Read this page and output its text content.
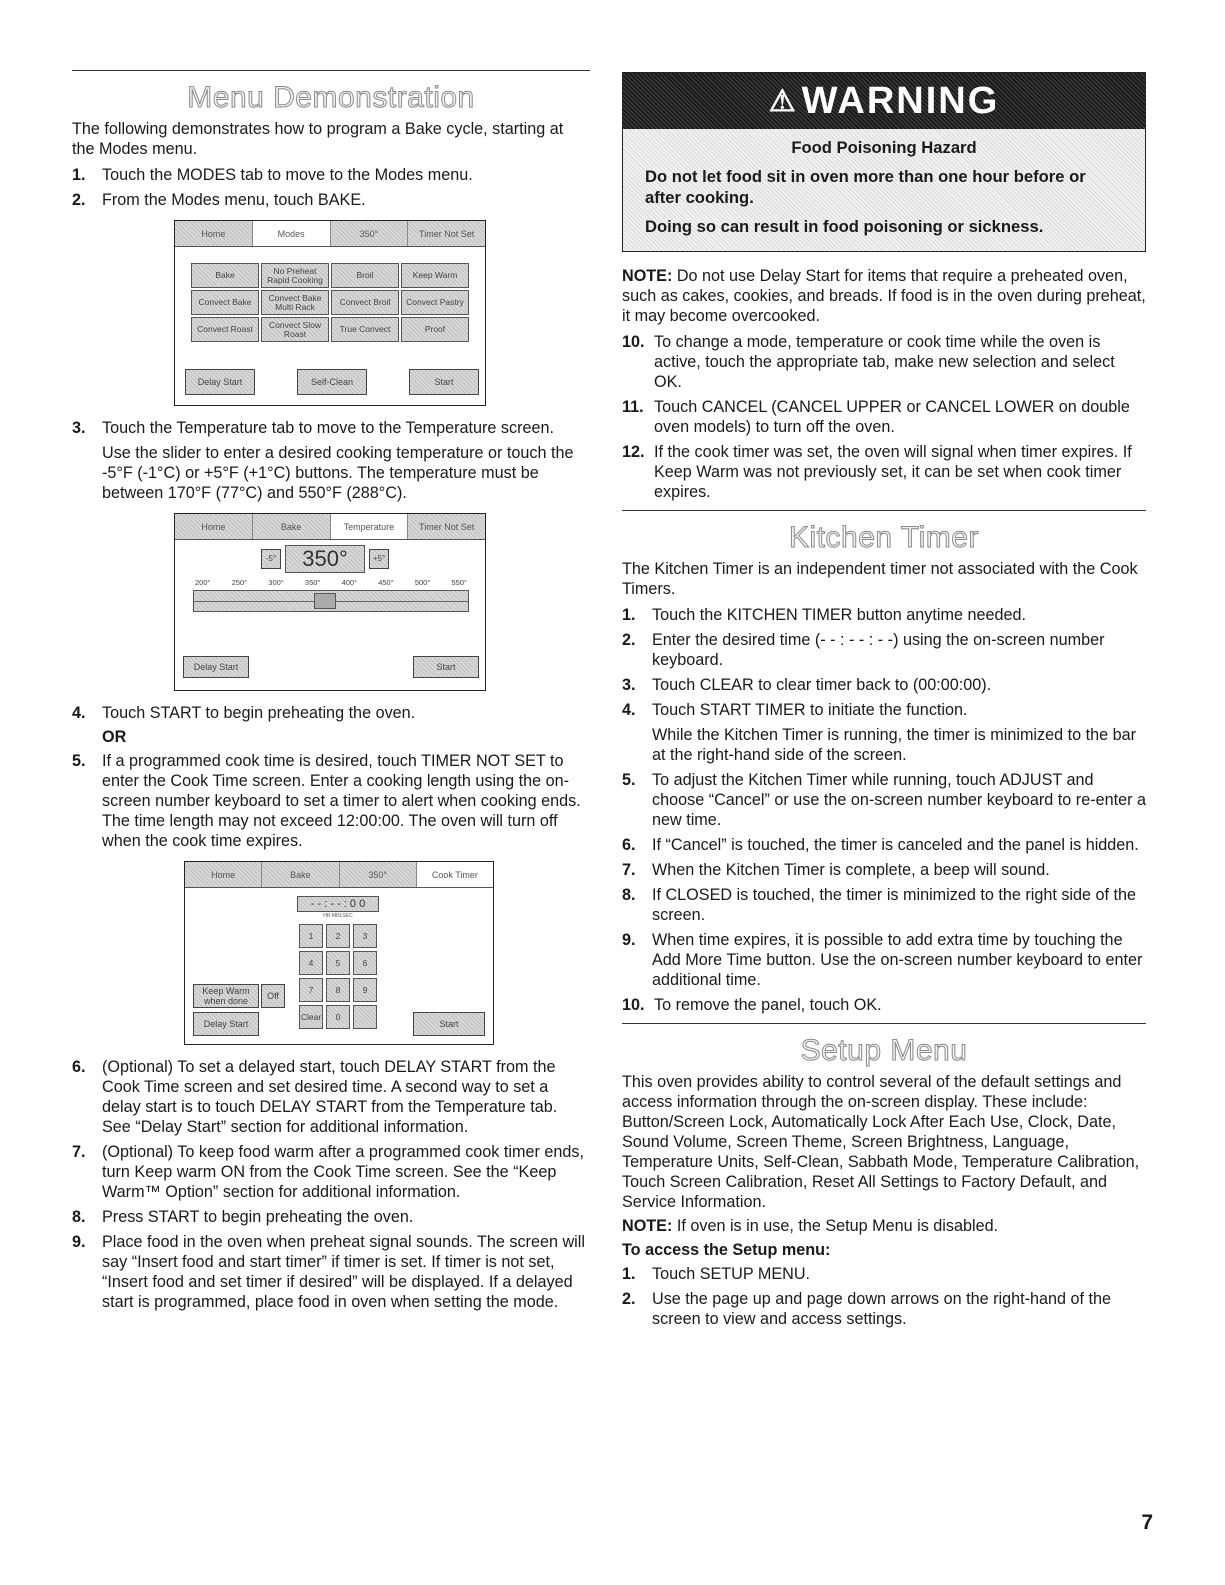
Menu Demonstration

The following demonstrates how to program a Bake cycle, starting at the Modes menu.

1. Touch the MODES tab to move to the Modes menu.
2. From the Modes menu, touch BAKE.
Home	Modes	350°	Timer Not Set
Bake	No Preheat Rapid Cooking	Broil	Keep Warm
Convect Bake	Convect Bake Multi Rack	Convect Broil	Convect Pastry
Convect Roast	Convect Slow Roast	True Convect	Proof
Delay Start	Self-Clean	Start
3. Touch the Temperature tab to move to the Temperature screen.
Use the slider to enter a desired cooking temperature or touch the -5°F (-1°C) or +5°F (+1°C) buttons. The temperature must be between 170°F (77°C) and 550°F (288°C).
Home	Bake	Temperature	Timer Not Set
-5°	350°	+5°
200°	250°	300°	350°	400°	450°	500°	550°
Delay Start	Start
4. Touch START to begin preheating the oven.
OR
5. If a programmed cook time is desired, touch TIMER NOT SET to enter the Cook Time screen. Enter a cooking length using the on-screen number keyboard to set a timer to alert when cooking ends. The time length may not exceed 12:00:00. The oven will turn off when the cook time expires.
Home	Bake	350°	Cook Timer
- - : - - : 0 0
HR:MIN:SEC
1	2	3
4	5	6
7	8	9
Clear	0
Keep Warm when done	Off
Delay Start	Start
6. (Optional) To set a delayed start, touch DELAY START from the Cook Time screen and set desired time. A second way to set a delay start is to touch DELAY START from the Temperature tab. See “Delay Start” section for additional information.
7. (Optional) To keep food warm after a programmed cook timer ends, turn Keep warm ON from the Cook Time screen. See the “Keep Warm™ Option” section for additional information.
8. Press START to begin preheating the oven.
9. Place food in the oven when preheat signal sounds. The screen will say “Insert food and start timer” if timer is set. If timer is not set, “Insert food and set timer if desired” will be displayed. If a delayed start is programmed, place food in oven when setting the mode.
⚠ WARNING
Food Poisoning Hazard

Do not let food sit in oven more than one hour before or after cooking.

Doing so can result in food poisoning or sickness.

NOTE: Do not use Delay Start for items that require a preheated oven, such as cakes, cookies, and breads. If food is in the oven during preheat, it may become overcooked.

10. To change a mode, temperature or cook time while the oven is active, touch the appropriate tab, make new selection and select OK.
11. Touch CANCEL (CANCEL UPPER or CANCEL LOWER on double oven models) to turn off the oven.
12. If the cook timer was set, the oven will signal when timer expires. If Keep Warm was not previously set, it can be set when cook timer expires.
Kitchen Timer

The Kitchen Timer is an independent timer not associated with the Cook Timers.

1. Touch the KITCHEN TIMER button anytime needed.
2. Enter the desired time (- - : - - : - -) using the on-screen number keyboard.
3. Touch CLEAR to clear timer back to (00:00:00).
4. Touch START TIMER to initiate the function.
While the Kitchen Timer is running, the timer is minimized to the bar at the right-hand side of the screen.
5. To adjust the Kitchen Timer while running, touch ADJUST and choose “Cancel” or use the on-screen number keyboard to re-enter a new time.
6. If “Cancel” is touched, the timer is canceled and the panel is hidden.
7. When the Kitchen Timer is complete, a beep will sound.
8. If CLOSED is touched, the timer is minimized to the right side of the screen.
9. When time expires, it is possible to add extra time by touching the Add More Time button. Use the on-screen number keyboard to enter additional time.
10. To remove the panel, touch OK.
Setup Menu

This oven provides ability to control several of the default settings and access information through the on-screen display. These include: Button/Screen Lock, Automatically Lock After Each Use, Clock, Date, Sound Volume, Screen Theme, Screen Brightness, Language, Temperature Units, Self-Clean, Sabbath Mode, Temperature Calibration, Touch Screen Calibration, Reset All Settings to Factory Default, and Service Information.

NOTE: If oven is in use, the Setup Menu is disabled.

To access the Setup menu:

1. Touch SETUP MENU.
2. Use the page up and page down arrows on the right-hand of the screen to view and access settings.
7
